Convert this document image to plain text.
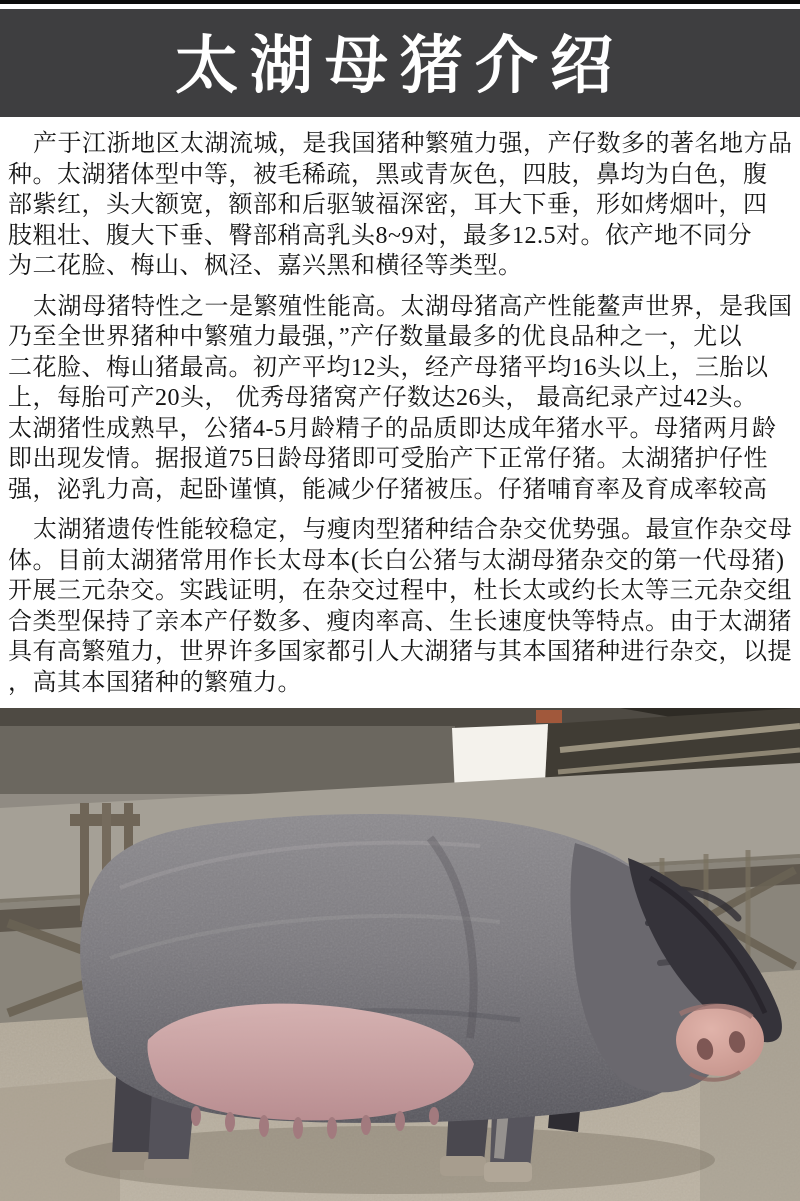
太湖母猪介绍
产于江浙地区太湖流城，是我国猪种繁殖力强，产仔数多的著名地方品
种。太湖猪体型中等，被毛稀疏，黑或青灰色，四肢，鼻均为白色，腹
部紫红，头大额宽，额部和后驱皱福深密，耳大下垂，形如烤烟叶，四
肢粗壮、腹大下垂、臀部稍高乳头8~9对，最多12.5对。依产地不同分
为二花脸、梅山、枫泾、嘉兴黑和横径等类型。
太湖母猪特性之一是繁殖性能高。太湖母猪高产性能鳌声世界，是我国
乃至全世界猪种中繁殖力最强，”产仔数量最多的优良品种之一，尤以
二花脸、梅山猪最高。初产平均12头，经产母猪平均16头以上，三胎以
上，每胎可产20头， 优秀母猪窝产仔数达26头， 最高纪录产过42头。
太湖猪性成熟早，公猪4-5月龄精子的品质即达成年猪水平。母猪两月龄
即出现发情。据报道75日龄母猪即可受胎产下正常仔猪。太湖猪护仔性
强，泌乳力高，起卧谨慎，能减少仔猪被压。仔猪哺育率及育成率较高
太湖猪遗传性能较稳定，与瘦肉型猪种结合杂交优势强。最宣作杂交母
体。目前太湖猪常用作长太母本(长白公猪与太湖母猪杂交的第一代母猪)
开展三元杂交。实践证明，在杂交过程中，杜长太或约长太等三元杂交组
合类型保持了亲本产仔数多、瘦肉率高、生长速度快等特点。由于太湖猪
具有高繁殖力，世界许多国家都引人大湖猪与其本国猪种进行杂交，以提
，高其本国猪种的繁殖力。
